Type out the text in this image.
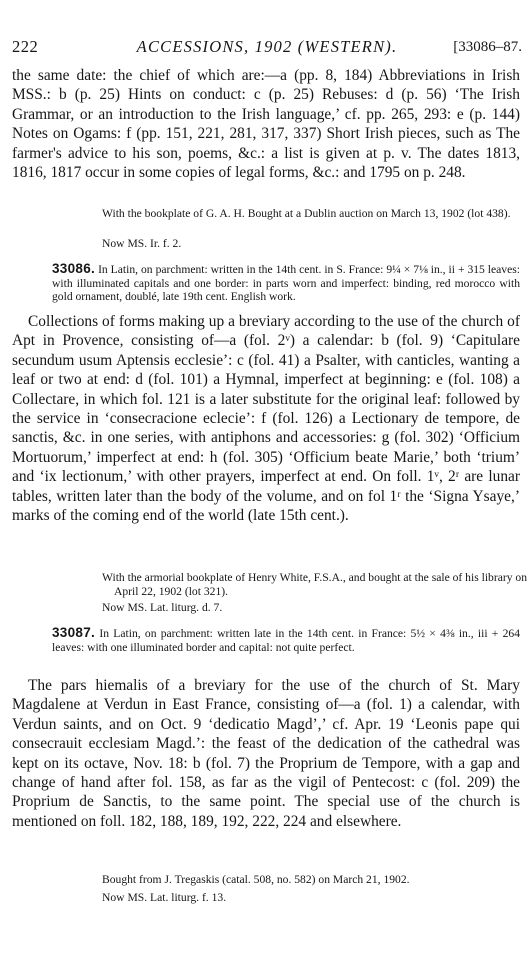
222	ACCESSIONS, 1902 (WESTERN).	[33086–87.
the same date: the chief of which are:—a (pp. 8, 184) Abbreviations in Irish MSS.: b (p. 25) Hints on conduct: c (p. 25) Rebuses: d (p. 56) ‘The Irish Grammar, or an introduction to the Irish language,’ cf. pp. 265, 293: e (p. 144) Notes on Ogams: f (pp. 151, 221, 281, 317, 337) Short Irish pieces, such as The farmer's advice to his son, poems, &c.: a list is given at p. v. The dates 1813, 1816, 1817 occur in some copies of legal forms, &c.: and 1795 on p. 248.
With the bookplate of G. A. H. Bought at a Dublin auction on March 13, 1902 (lot 438).
Now MS. Ir. f. 2.
33086. In Latin, on parchment: written in the 14th cent. in S. France: 9¼ × 7⅛ in., ii + 315 leaves: with illuminated capitals and one border: in parts worn and imperfect: binding, red morocco with gold ornament, doublé, late 19th cent. English work.
Collections of forms making up a breviary according to the use of the church of Apt in Provence, consisting of—a (fol. 2ᵛ) a calendar: b (fol. 9) ‘Capitulare secundum usum Aptensis ecclesie’: c (fol. 41) a Psalter, with canticles, wanting a leaf or two at end: d (fol. 101) a Hymnal, imperfect at beginning: e (fol. 108) a Collectare, in which fol. 121 is a later substitute for the original leaf: followed by the service in ‘consecracione eclecie’: f (fol. 126) a Lectionary de tempore, de sanctis, &c. in one series, with antiphons and accessories: g (fol. 302) ‘Officium Mortuorum,’ imperfect at end: h (fol. 305) ‘Officium beate Marie,’ both ‘trium’ and ‘ix lectionum,’ with other prayers, imperfect at end. On foll. 1ᵛ, 2ʳ are lunar tables, written later than the body of the volume, and on fol 1ʳ the ‘Signa Ysaye,’ marks of the coming end of the world (late 15th cent.).
With the armorial bookplate of Henry White, F.S.A., and bought at the sale of his library on April 22, 1902 (lot 321).
Now MS. Lat. liturg. d. 7.
33087. In Latin, on parchment: written late in the 14th cent. in France: 5½ × 4⅜ in., iii + 264 leaves: with one illuminated border and capital: not quite perfect.
The pars hiemalis of a breviary for the use of the church of St. Mary Magdalene at Verdun in East France, consisting of—a (fol. 1) a calendar, with Verdun saints, and on Oct. 9 ‘dedicatio Magd’,’ cf. Apr. 19 ‘Leonis pape qui consecrauit ecclesiam Magd.’: the feast of the dedication of the cathedral was kept on its octave, Nov. 18: b (fol. 7) the Proprium de Tempore, with a gap and change of hand after fol. 158, as far as the vigil of Pentecost: c (fol. 209) the Proprium de Sanctis, to the same point. The special use of the church is mentioned on foll. 182, 188, 189, 192, 222, 224 and elsewhere.
Bought from J. Tregaskis (catal. 508, no. 582) on March 21, 1902.
Now MS. Lat. liturg. f. 13.
